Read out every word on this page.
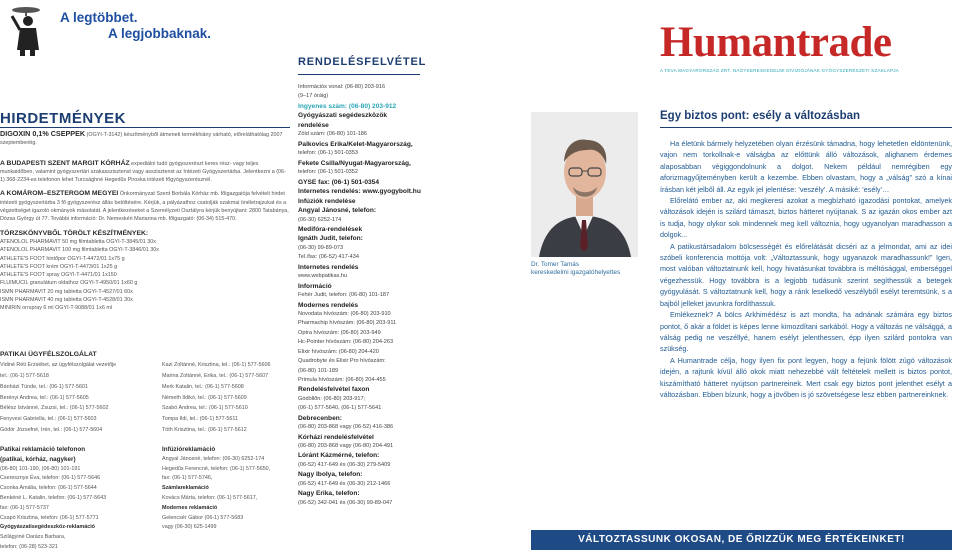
A legtöbbet.
A legjobbaknak.
HIRDETMÉNYEK
DIGOXIN 0,1% CSEPPEK (OGYI-T-3142) készítményből átmeneti termékhiány várható, előreláthatólag 2007 szeptemberéig.
A BUDAPESTI SZENT MARGIT KÓRHÁZ expediálni tudó gyógyszerészt keres rész- vagy teljes munkaidőben, valamint gyógyszertári szakasszisztenst vagy asszisztenst az Intézeti Gyógyszertárba. Jelentkezni a (06-1) 368-2234-es telefonon lehet Turcsághné Hegedűs Piroska intézeti főgyógyszerésznél.
A KOMÁROM–ESZTERGOM MEGYEI Önkormányzat Szent Borbála Kórház mb. főigazgatója felvételt hirdet intézeti gyógyszertárba 3 fő gyógyszerész állás betöltésére. Kérjük, a pályázathoz csatolják szakmai önéletrajzukat és a végzettséget igazoló okmányok másolatát. A jelentkezéseket a Személyzeti Osztályra kérjük benyújtani: 2800 Tatabánya, Dózsa György út 77. További információ: Dr. Nemeskéri Marianna mb. főigazgató: (06-34) 515-470.
TÖRZSKÖNYVBŐL TÖRÖLT KÉSZÍTMÉNYEK:
ATENOLOL PHARMAVIT 50 mg filmtabletta OGYI-T-3845/01 30x
ATENOLOL PHARMAVIT 100 mg filmtabletta OGYI-T-3846/01 30x
ATHLETE'S FOOT hintőpor OGYI-T-4472/01 1x75 g
ATHLETE'S FOOT krém OGYI-T-4473/01 1x25 g
ATHLETE'S FOOT spray OGYI-T-4471/01 1x150
FLUIMUCIL granulátum oldathoz OGYI-T-4950/01 1x60 g
ISMN PHARMAVIT 20 mg tabletta OGYI-T-4527/01 60x
ISMN PHARMAVIT 40 mg tabletta OGYI-T-4528/01 30x
MINIRIN orrspray 6 ml OGYI-T-9088/01 1x6 ml
PATIKAI ÜGYFÉLSZOLGÁLAT
Vidiné Réti Erzsébet, az ügyfélszolgálat vezetője
tel.: (06-1) 577-5618
Bánházi Tünde, tel.: (06-1) 577-5601
Berényi Andrea, tel.: (06-1) 577-5605
Bélész Istvánné, Zsuzsi, tel.: (06-1) 577-5602
Fenyvesi Gabriella, tel.: (06-1) 577-5603
Gödör Józsefné, Irén, tel.: (06-1) 577-5604
Kazi Zoltánné, Krisztina, tel.: (06-1) 577-5606
Marina Zoltánné, Erika, tel.: (06-1) 577-5607
Merk Katalin, tel.: (06-1) 577-5608
Németh Ildikó, tel.: (06-1) 577-5609
Szabó Andrea, tel.: (06-1) 577-5610
Tompa Ildi, tel.: (06-1) 577-5611
Tóth Krisztina, tel.: (06-1) 577-5612
Patikai reklamáció telefonon
(patikai, kórház, nagyker)
(06-80) 101-190, (06-80) 101-191
Cseresznye Éva, telefon: (06-1) 577-5646
Csonka Amália, telefon: (06-1) 577-5644
Benkéné L. Katalin, telefon: (06-1) 577-5643
fax: (06-1) 577-5737
Csapó Krisztina, telefon: (06-1) 577-5771
Gyógyászatisegédeszköz-reklamáció
Szilágyiné Darázs Barbara,
telefon: (06-28) 523-321
Infúzióreklamáció
Angyal Jánosné, telefon: (06-30) 6252-174
Hegedűs Ferencné, telefon: (06-1) 577-5650,
fax: (06-1) 577-5746,
Számlareklamáció
Kovács Márta, telefon: (06-1) 577-5617,
Modernes reklamáció
Gelencsér Gábor (06-1) 577-5683
vagy (06-30) 625-1499
RENDELÉSFELVÉTEL
Információs vonal: (06-80) 203-916
(9–17 óráig)
Ingyenes szám: (06-80) 203-912
Gyógyászati segédeszközök
rendelése
Zöld szám: (06-80) 101-186
Palkovics Erika/Kelet-Magyarország,
telefon: (06-1) 501-0353
Fekete Csilla/Nyugat-Magyarország,
telefon: (06-1) 501-0352
GYSE fax: (06-1) 501-0354
Internetes rendelés: www.gyogybolt.hu
Infúziók rendelése
Angyal Jánosné, telefon:
(06-30) 6252-174
Medifóra-rendelések
Ignáth Judit, telefon:
(06-30) 99-89-073
Tel./fax: (06-52) 417-434
Internetes rendelés
www.webpatikas.hu
Információ
Fehér Judit, telefon: (06-80) 101-187
Modernes rendelés
Novodata hívószám: (06-80) 203-910
Pharmachip hívószám: (06-80) 203-911
Optra hívószám: (06-80) 203-949
Hc-Pointer hívószám: (06-80) 204-263
Elixir hívószám: (06-80) 204-420
Quadrobyte és Elixir Pro hívószám:
(06-80) 101-189
Primula hívószám: (06-80) 204-455
Rendelésfelvétel faxon
Gödöllőn: (06-80) 203-917;
(06-1) 577-5640, (06-1) 577-5641
Debrecenben:
(06-80) 203-868 vagy (06-52) 416-386
Kórházi rendelésfelvétel
(06-80) 203-868 vagy (06-80) 204-491
Lóránt Kázmérné, telefon:
(06-52) 417-649 és (06-30) 279-5409
Nagy Ibolya, telefon:
(06-52) 417-649 és (06-30) 212-1466
Nagy Erika, telefon:
(06-52) 342-041 és (06-30) 99-89-047
Dr. Tomer Tamás
kereskedelmi igazgatóhelyettes
Humantrade
A TEVA MAGYARORSZÁG ZRT. NAGYKERESKEDELMI DIVÍZIÓJÁNAK GYÓGYSZERÉSZETI SZAKLAPJA
Egy biztos pont: esély a változásban

Ha életünk bármely helyzetében olyan érzésünk támadna, hogy lehetetlen eldöntenünk, vajon nem torkollnak-e válságba az előttünk álló változások, alighanem érdemes alaposabban végiggondolnunk a dolgot. Nekem például nemrégiben egy aforizmagyűjteményben került a kezembe. Ebben olvastam, hogy a „válság” szó a kínai írásban két jelből áll. Az egyik jel jelentése: ’veszély’. A másiké: ’esély’…

Előrelátó ember az, aki megkeresi azokat a megbízható igazodási pontokat, amelyek változások idején is szilárd támaszt, biztos hátteret nyújtanak. S az igazán okos ember azt is tudja, hogy olykor sok mindennek meg kell változnia, hogy ugyanolyan maradhasson a dolgok...

A patikustársadalom bölcsességét és előrelátását dicséri az a jelmondat, ami az idei szóbeli konferencia mottója volt: „Változtassunk, hogy ugyanazok maradhassunk!” Igen, most valóban változtatnunk kell, hogy hivatásunkat továbbra is méltósággal, emberséggel végezhessük. Hogy továbbra is a legjobb tudásunk szerint segíthessük a betegek gyógyulását. S változtatnunk kell, hogy a ránk leselkedő veszélyből esélyt teremtsünk, s a bajból jelleket javunkra fordíthassuk.

Emlékeznek? A bölcs Arkhimédész is azt mondta, ha adnának számára egy biztos pontot, ő akár a földet is képes lenne kimozdítani sarkából. Hogy a változás ne válsággá, a válság pedig ne veszéllyé, hanem esélyt jelenthessen, épp ilyen szilárd pontokra van szükség.

A Humantrade célja, hogy ilyen fix pont legyen, hogy a fejünk fölött zúgó változások idején, a rajtunk kívül álló okok miatt nehezebbé vált feltételek mellett is biztos pontot, kiszámítható hátteret nyújtson partnereinek. Mert csak egy biztos pont jelenthet esélyt a változásban. Ebben bízunk, hogy a jövőben is jó szövetségese lesz ebben partnereinknek.

VÁLTOZTASSUNK OKOSAN, DE ŐRIZZÜK MEG ÉRTÉKEINKET!
